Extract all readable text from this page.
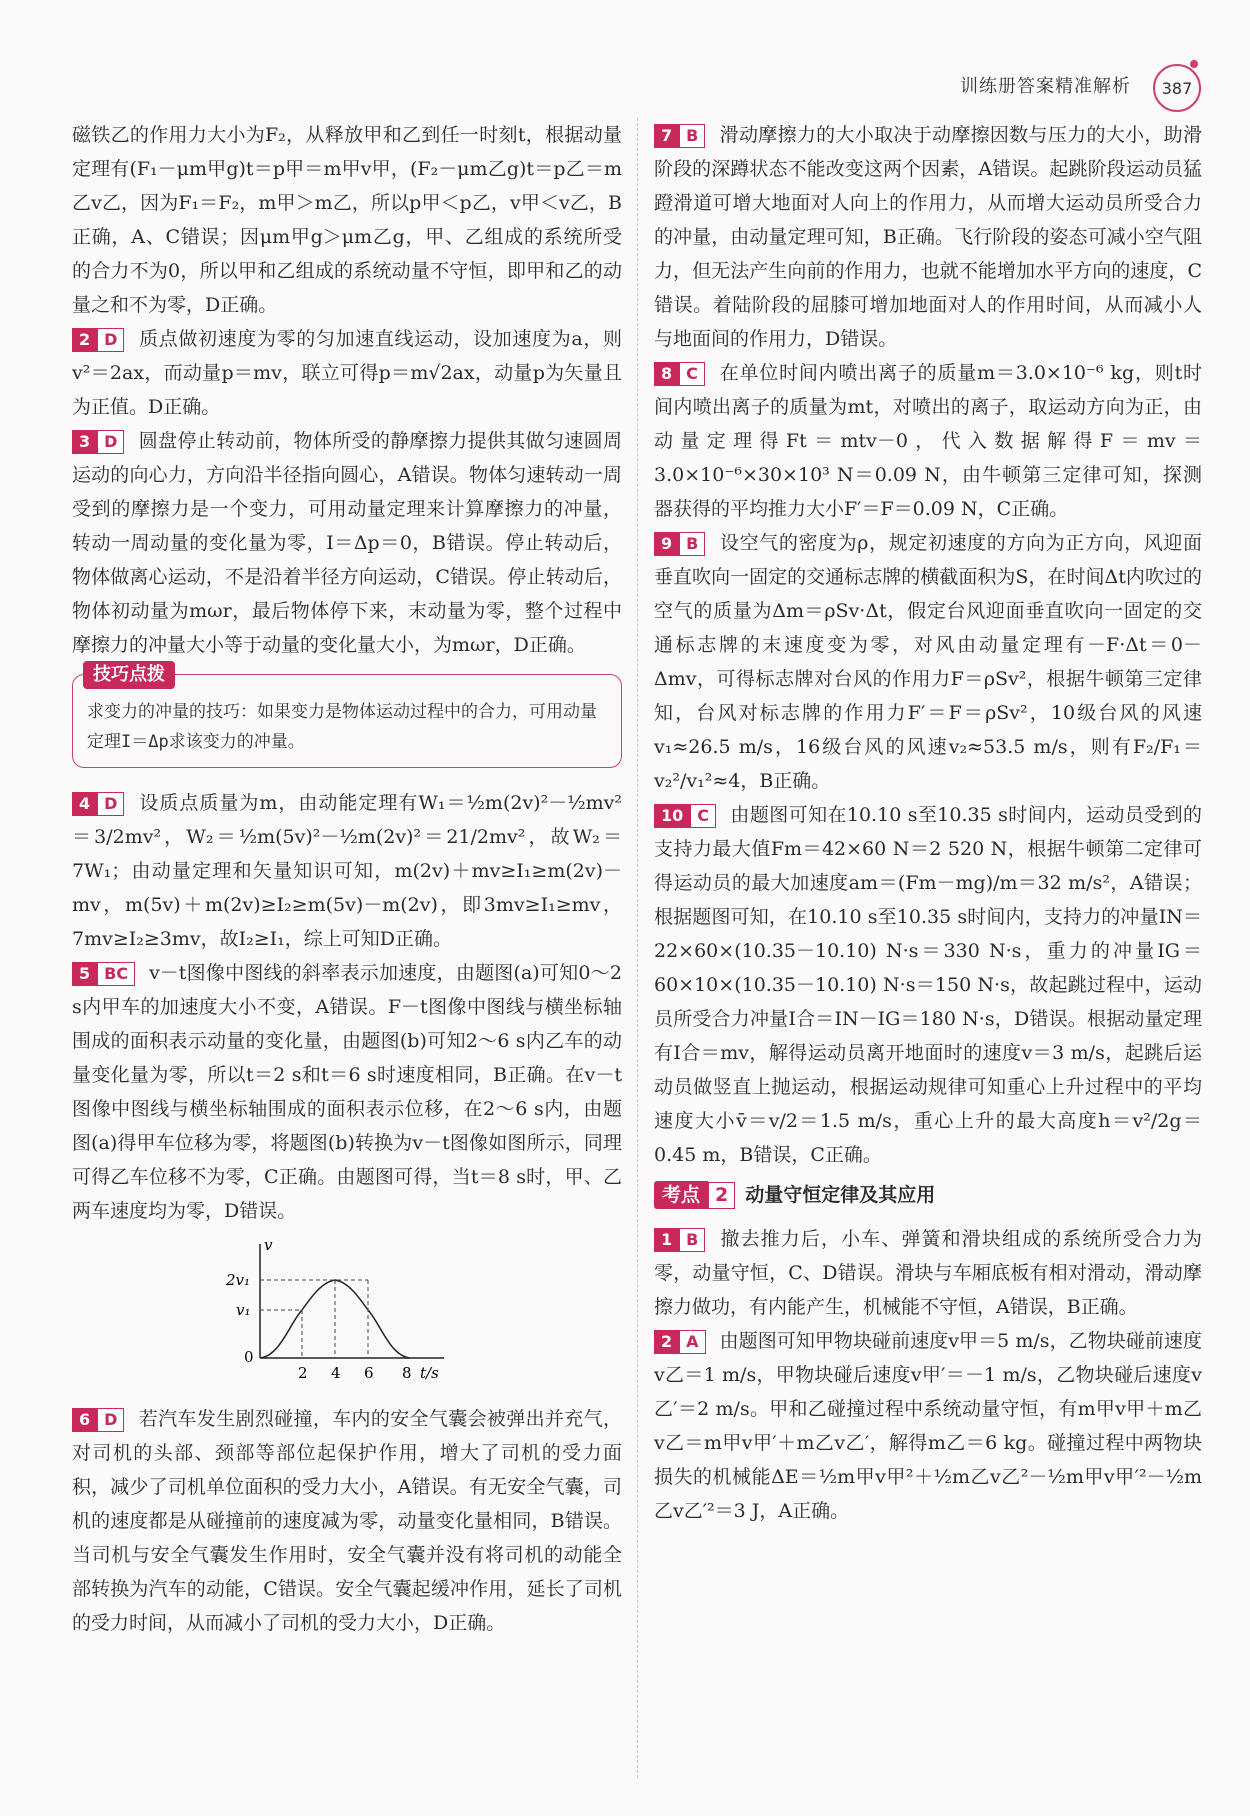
训练册答案精准解析 387

磁铁乙的作用力大小为F₂，从释放甲和乙到任一时刻t，根据动量定理有(F₁－μm甲g)t＝p甲＝m甲v甲，(F₂－μm乙g)t＝p乙＝m乙v乙，因为F₁＝F₂，m甲＞m乙，所以p甲＜p乙，v甲＜v乙，B正确，A、C错误；因μm甲g＞μm乙g，甲、乙组成的系统所受的合力不为0，所以甲和乙组成的系统动量不守恒，即甲和乙的动量之和不为零，D正确。

2 D	质点做初速度为零的匀加速直线运动，设加速度为a，则v²＝2ax，而动量p＝mv，联立可得p＝m√2ax，动量p为矢量且为正值。D正确。

3 D	圆盘停止转动前，物体所受的静摩擦力提供其做匀速圆周运动的向心力，方向沿半径指向圆心，A错误。物体匀速转动一周受到的摩擦力是一个变力，可用动量定理来计算摩擦力的冲量，转动一周动量的变化量为零，I＝Δp＝0，B错误。停止转动后，物体做离心运动，不是沿着半径方向运动，C错误。停止转动后，物体初动量为mωr，最后物体停下来，末动量为零，整个过程中摩擦力的冲量大小等于动量的变化量大小，为mωr，D正确。

技巧点拨
求变力的冲量的技巧：如果变力是物体运动过程中的合力，可用动量定理I＝Δp求该变力的冲量。

4 D	设质点质量为m，由动能定理有W₁＝½m(2v)²－½mv²＝3/2mv²，W₂＝½m(5v)²－½m(2v)²＝21/2mv²，故W₂＝7W₁；由动量定理和矢量知识可知，m(2v)＋mv≥I₁≥m(2v)－mv，m(5v)＋m(2v)≥I₂≥m(5v)－m(2v)，即3mv≥I₁≥mv，7mv≥I₂≥3mv，故I₂≥I₁，综上可知D正确。

5 BC	v－t图像中图线的斜率表示加速度，由题图(a)可知0～2 s内甲车的加速度大小不变，A错误。F－t图像中图线与横坐标轴围成的面积表示动量的变化量，由题图(b)可知2～6 s内乙车的动量变化量为零，所以t＝2 s和t＝6 s时速度相同，B正确。在v－t图像中图线与横坐标轴围成的面积表示位移，在2～6 s内，由题图(a)得甲车位移为零，将题图(b)转换为v－t图像如图所示，同理可得乙车位移不为零，C正确。由题图可得，当t＝8 s时，甲、乙两车速度均为零，D错误。

v
t/s
2v₁
v₁
0
2 4 6 8

6 D	若汽车发生剧烈碰撞，车内的安全气囊会被弹出并充气，对司机的头部、颈部等部位起保护作用，增大了司机的受力面积，减少了司机单位面积的受力大小，A错误。有无安全气囊，司机的速度都是从碰撞前的速度减为零，动量变化量相同，B错误。当司机与安全气囊发生作用时，安全气囊并没有将司机的动能全部转换为汽车的动能，C错误。安全气囊起缓冲作用，延长了司机的受力时间，从而减小了司机的受力大小，D正确。

7 B	滑动摩擦力的大小取决于动摩擦因数与压力的大小，助滑阶段的深蹲状态不能改变这两个因素，A错误。起跳阶段运动员猛蹬滑道可增大地面对人向上的作用力，从而增大运动员所受合力的冲量，由动量定理可知，B正确。飞行阶段的姿态可减小空气阻力，但无法产生向前的作用力，也就不能增加水平方向的速度，C错误。着陆阶段的屈膝可增加地面对人的作用时间，从而减小人与地面间的作用力，D错误。

8 C	在单位时间内喷出离子的质量m＝3.0×10⁻⁶ kg，则t时间内喷出离子的质量为mt，对喷出的离子，取运动方向为正，由动量定理得Ft＝mtv－0，代入数据解得F＝mv＝3.0×10⁻⁶×30×10³ N＝0.09 N，由牛顿第三定律可知，探测器获得的平均推力大小F′＝F＝0.09 N，C正确。

9 B	设空气的密度为ρ，规定初速度的方向为正方向，风迎面垂直吹向一固定的交通标志牌的横截面积为S，在时间Δt内吹过的空气的质量为Δm＝ρSv·Δt，假定台风迎面垂直吹向一固定的交通标志牌的末速度变为零，对风由动量定理有－F·Δt＝0－Δmv，可得标志牌对台风的作用力F＝ρSv²，根据牛顿第三定律知，台风对标志牌的作用力F′＝F＝ρSv²，10级台风的风速v₁≈26.5 m/s，16级台风的风速v₂≈53.5 m/s，则有F₂/F₁＝v₂²/v₁²≈4，B正确。

10 C	由题图可知在10.10 s至10.35 s时间内，运动员受到的支持力最大值Fm＝42×60 N＝2 520 N，根据牛顿第二定律可得运动员的最大加速度am＝(Fm－mg)/m＝32 m/s²，A错误；根据题图可知，在10.10 s至10.35 s时间内，支持力的冲量IN＝22×60×(10.35－10.10) N·s＝330 N·s，重力的冲量IG＝60×10×(10.35－10.10) N·s＝150 N·s，故起跳过程中，运动员所受合力冲量I合＝IN－IG＝180 N·s，D错误。根据动量定理有I合＝mv，解得运动员离开地面时的速度v＝3 m/s，起跳后运动员做竖直上抛运动，根据运动规律可知重心上升过程中的平均速度大小v̄＝v/2＝1.5 m/s，重心上升的最大高度h＝v²/2g＝0.45 m，B错误，C正确。

考点 2 动量守恒定律及其应用

1 B	撤去推力后，小车、弹簧和滑块组成的系统所受合力为零，动量守恒，C、D错误。滑块与车厢底板有相对滑动，滑动摩擦力做功，有内能产生，机械能不守恒，A错误，B正确。

2 A	由题图可知甲物块碰前速度v甲＝5 m/s，乙物块碰前速度v乙＝1 m/s，甲物块碰后速度v甲′＝－1 m/s，乙物块碰后速度v乙′＝2 m/s。甲和乙碰撞过程中系统动量守恒，有m甲v甲＋m乙v乙＝m甲v甲′＋m乙v乙′，解得m乙＝6 kg。碰撞过程中两物块损失的机械能ΔE＝½m甲v甲²＋½m乙v乙²－½m甲v甲′²－½m乙v乙′²＝3 J，A正确。
